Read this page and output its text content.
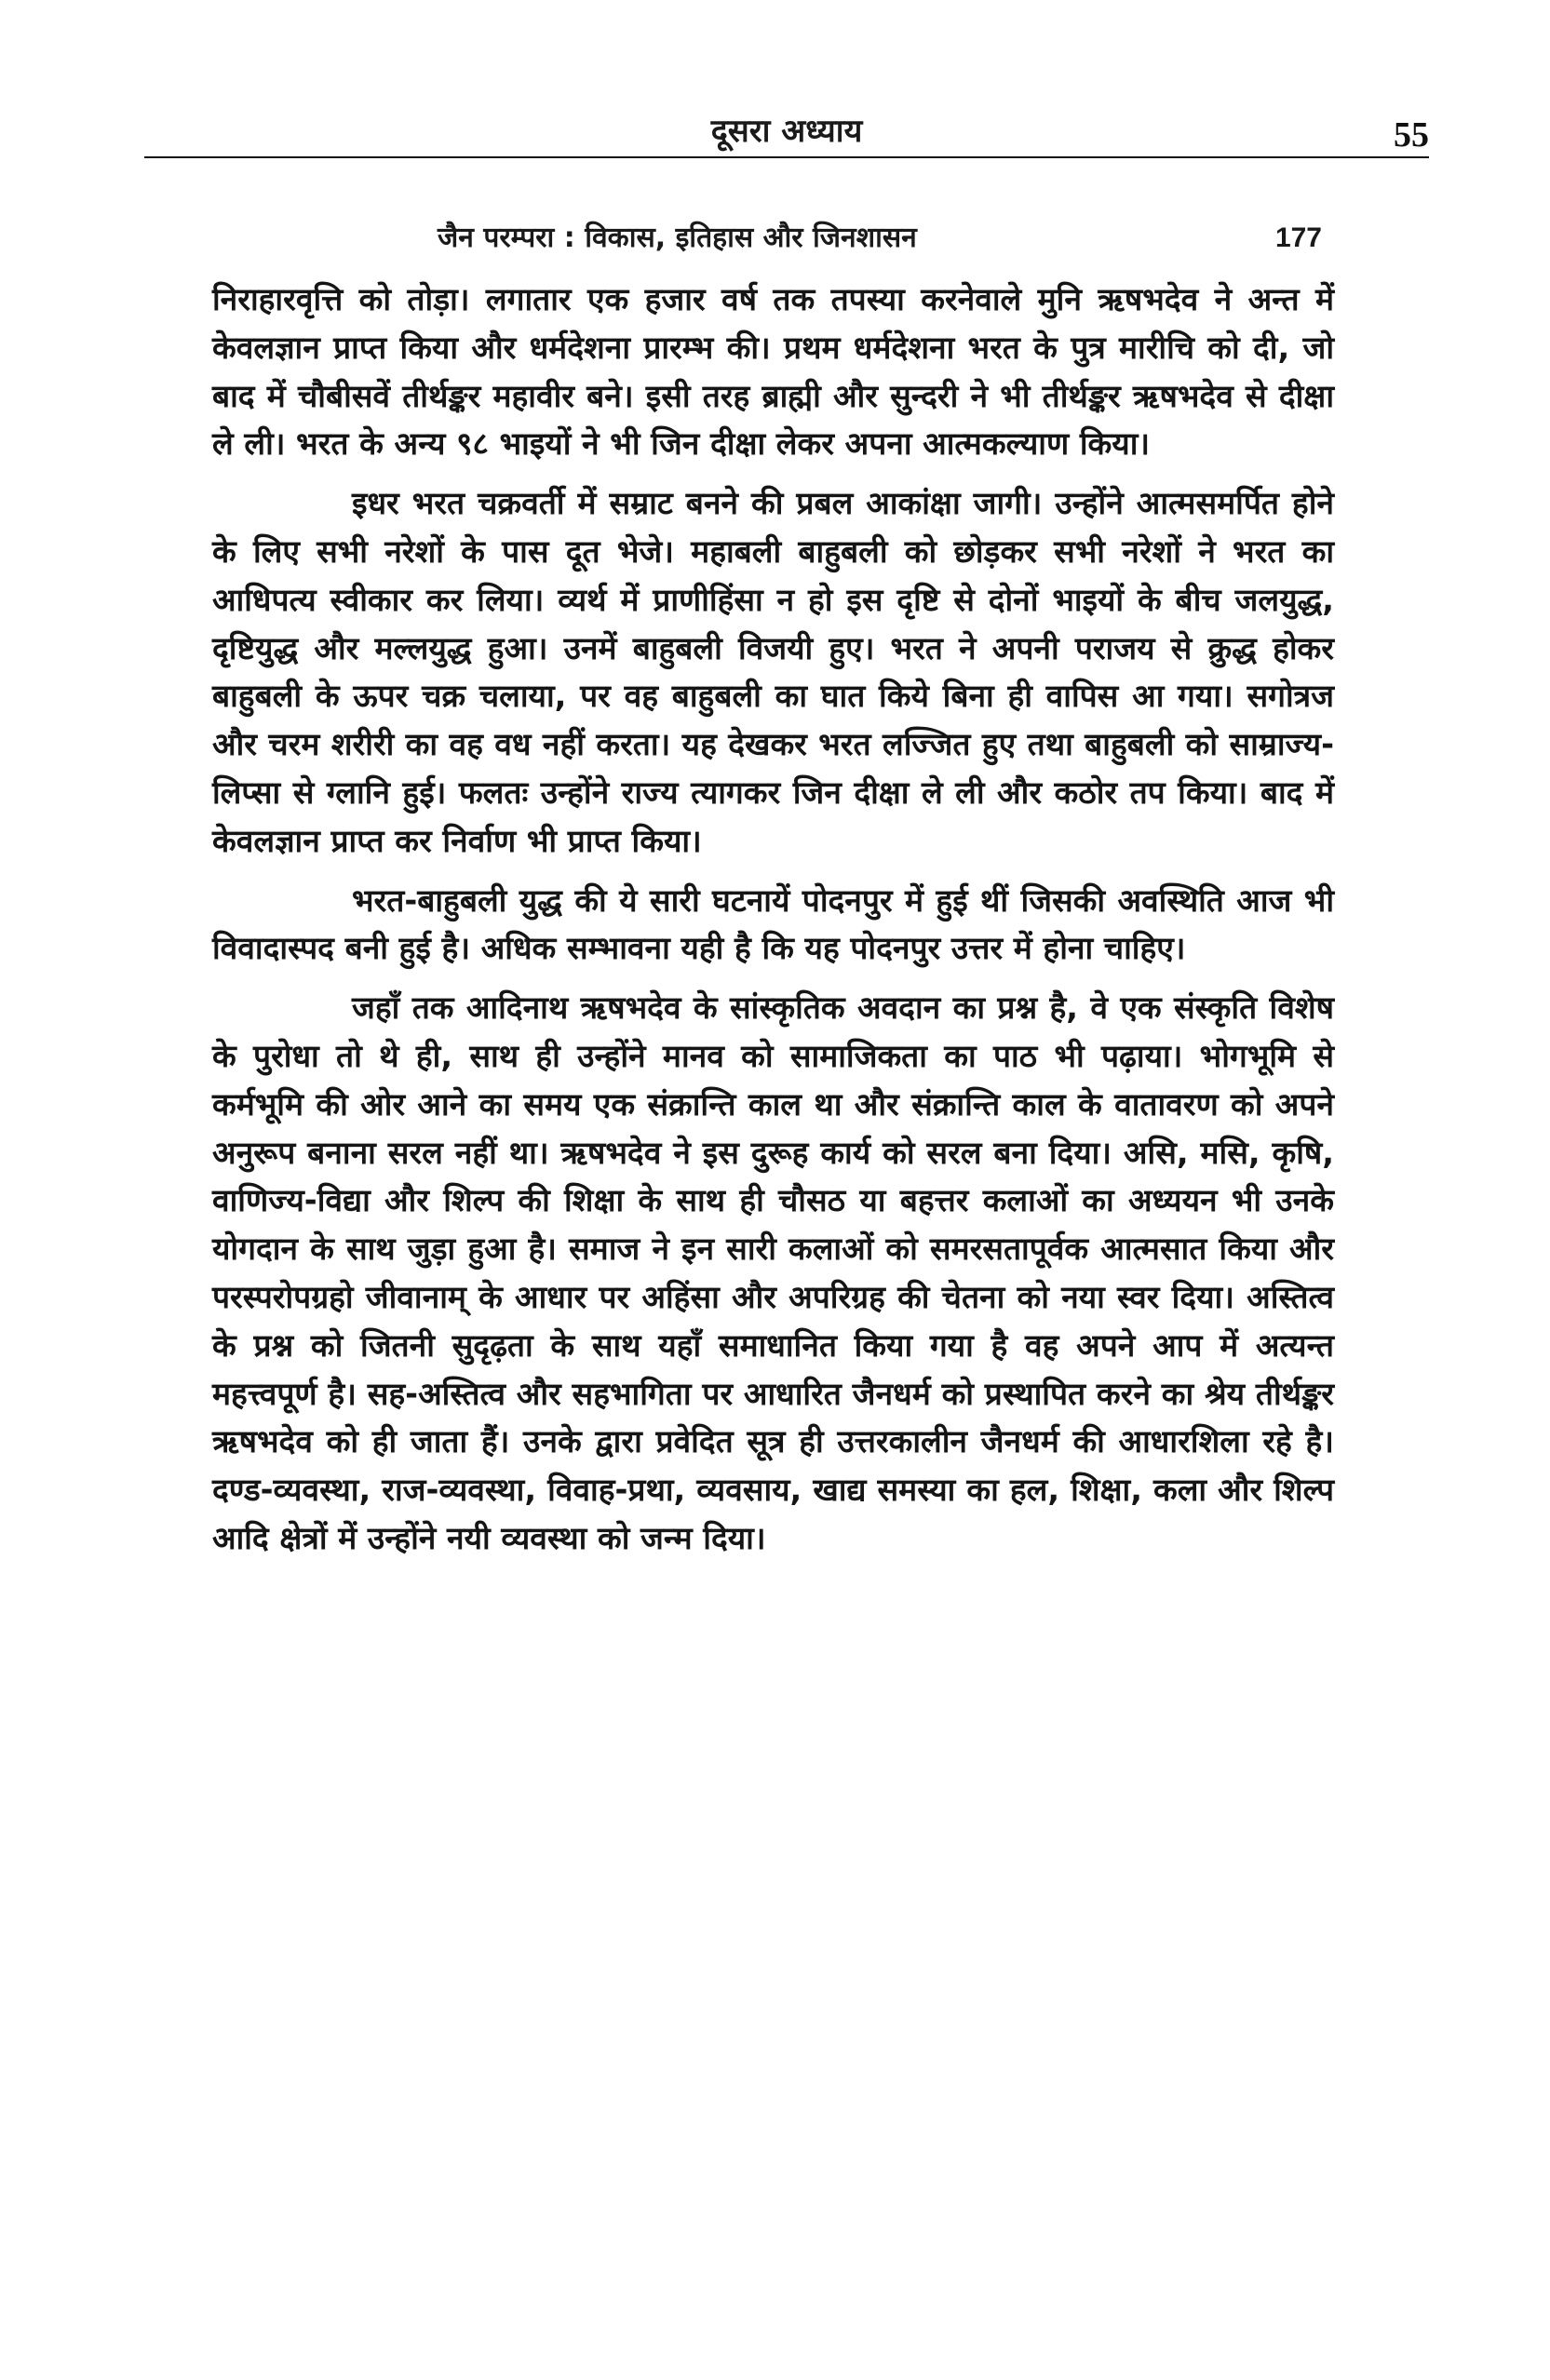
दूसरा अध्याय	55
जैन परम्परा : विकास, इतिहास और जिनशासन	177

निराहारवृत्ति को तोड़ा। लगातार एक हजार वर्ष तक तपस्या करनेवाले मुनि ऋषभदेव ने अन्त में केवलज्ञान प्राप्त किया और धर्मदेशना प्रारम्भ की। प्रथम धर्मदेशना भरत के पुत्र मारीचि को दी, जो बाद में चौबीसवें तीर्थङ्कर महावीर बने। इसी तरह ब्राह्मी और सुन्दरी ने भी तीर्थङ्कर ऋषभदेव से दीक्षा ले ली। भरत के अन्य ९८ भाइयों ने भी जिन दीक्षा लेकर अपना आत्मकल्याण किया।

इधर भरत चक्रवर्ती में सम्राट बनने की प्रबल आकांक्षा जागी। उन्होंने आत्मसमर्पित होने के लिए सभी नरेशों के पास दूत भेजे। महाबली बाहुबली को छोड़कर सभी नरेशों ने भरत का आधिपत्य स्वीकार कर लिया। व्यर्थ में प्राणीहिंसा न हो इस दृष्टि से दोनों भाइयों के बीच जलयुद्ध, दृष्टियुद्ध और मल्लयुद्ध हुआ। उनमें बाहुबली विजयी हुए। भरत ने अपनी पराजय से क्रुद्ध होकर बाहुबली के ऊपर चक्र चलाया, पर वह बाहुबली का घात किये बिना ही वापिस आ गया। सगोत्रज और चरम शरीरी का वह वध नहीं करता। यह देखकर भरत लज्जित हुए तथा बाहुबली को साम्राज्य-लिप्सा से ग्लानि हुई। फलतः उन्होंने राज्य त्यागकर जिन दीक्षा ले ली और कठोर तप किया। बाद में केवलज्ञान प्राप्त कर निर्वाण भी प्राप्त किया।

भरत-बाहुबली युद्ध की ये सारी घटनायें पोदनपुर में हुई थीं जिसकी अवस्थिति आज भी विवादास्पद बनी हुई है। अधिक सम्भावना यही है कि यह पोदनपुर उत्तर में होना चाहिए।

जहाँ तक आदिनाथ ऋषभदेव के सांस्कृतिक अवदान का प्रश्न है, वे एक संस्कृति विशेष के पुरोधा तो थे ही, साथ ही उन्होंने मानव को सामाजिकता का पाठ भी पढ़ाया। भोगभूमि से कर्मभूमि की ओर आने का समय एक संक्रान्ति काल था और संक्रान्ति काल के वातावरण को अपने अनुरूप बनाना सरल नहीं था। ऋषभदेव ने इस दुरूह कार्य को सरल बना दिया। असि, मसि, कृषि, वाणिज्य-विद्या और शिल्प की शिक्षा के साथ ही चौसठ या बहत्तर कलाओं का अध्ययन भी उनके योगदान के साथ जुड़ा हुआ है। समाज ने इन सारी कलाओं को समरसतापूर्वक आत्मसात किया और परस्परोपग्रहो जीवानाम् के आधार पर अहिंसा और अपरिग्रह की चेतना को नया स्वर दिया। अस्तित्व के प्रश्न को जितनी सुदृढ़ता के साथ यहाँ समाधानित किया गया है वह अपने आप में अत्यन्त महत्त्वपूर्ण है। सह-अस्तित्व और सहभागिता पर आधारित जैनधर्म को प्रस्थापित करने का श्रेय तीर्थङ्कर ऋषभदेव को ही जाता हैं। उनके द्वारा प्रवेदित सूत्र ही उत्तरकालीन जैनधर्म की आधारशिला रहे है। दण्ड-व्यवस्था, राज-व्यवस्था, विवाह-प्रथा, व्यवसाय, खाद्य समस्या का हल, शिक्षा, कला और शिल्प आदि क्षेत्रों में उन्होंने नयी व्यवस्था को जन्म दिया।
